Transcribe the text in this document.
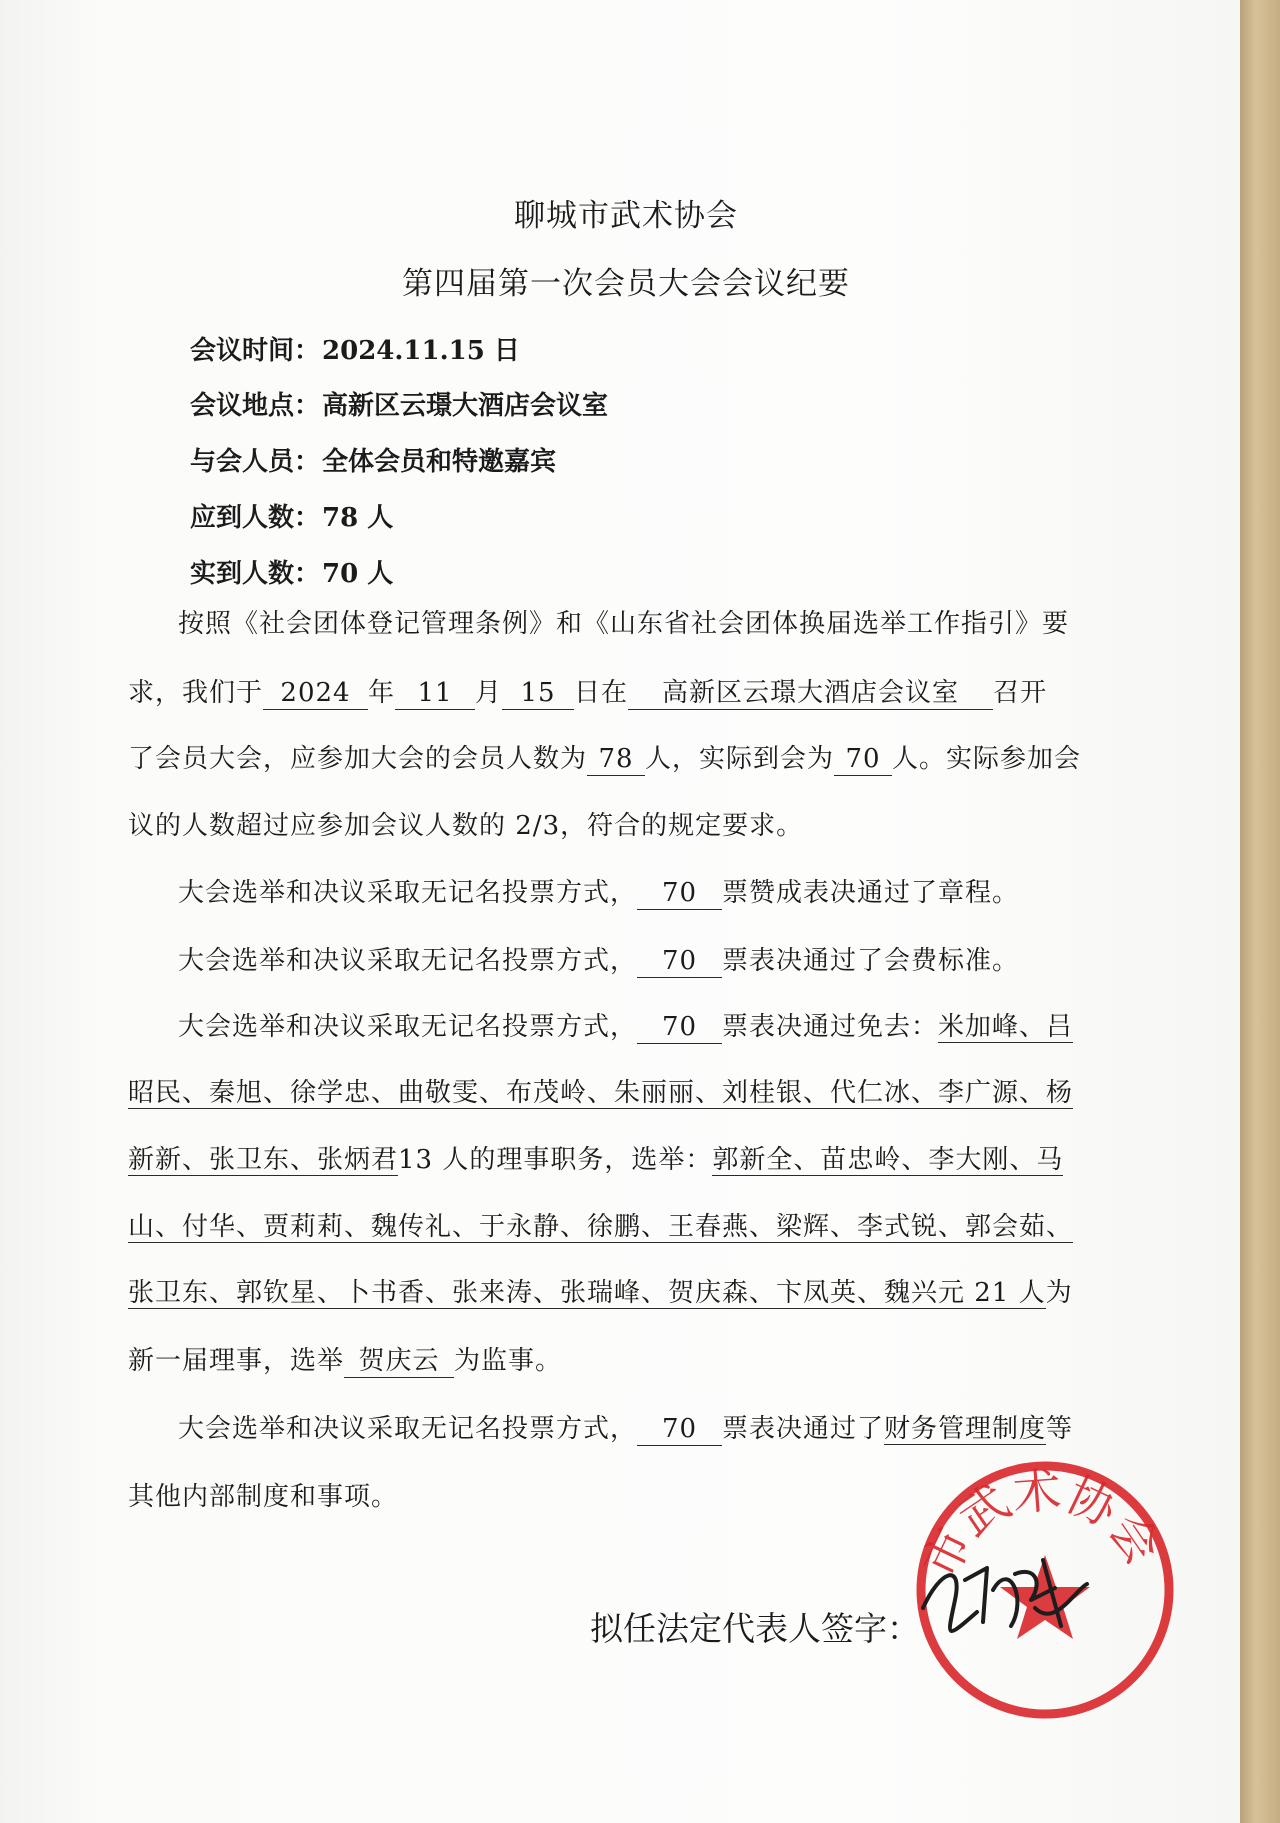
聊城市武术协会
第四届第一次会员大会会议纪要
会议时间：2024.11.15 日
会议地点：高新区云璟大酒店会议室
与会人员：全体会员和特邀嘉宾
应到人数：78 人
实到人数：70 人
按照《社会团体登记管理条例》和《山东省社会团体换届选举工作指引》要
求，我们于 2024 年 11 月 15 日在 高新区云璟大酒店会议室 召开
了会员大会，应参加大会的会员人数为 78 人，实际到会为 70 人。实际参加会
议的人数超过应参加会议人数的 2/3，符合的规定要求。
大会选举和决议采取无记名投票方式， 70 票赞成表决通过了章程。
大会选举和决议采取无记名投票方式， 70 票表决通过了会费标准。
大会选举和决议采取无记名投票方式， 70 票表决通过免去：米加峰、吕
昭民、秦旭、徐学忠、曲敬雯、布茂岭、朱丽丽、刘桂银、代仁冰、李广源、杨
新新、张卫东、张炳君13 人的理事职务，选举：郭新全、苗忠岭、李大刚、马
山、付华、贾莉莉、魏传礼、于永静、徐鹏、王春燕、梁辉、李式锐、郭会茹、
张卫东、郭钦星、卜书香、张来涛、张瑞峰、贺庆森、卞凤英、魏兴元 21 人为
新一届理事，选举 贺庆云 为监事。
大会选举和决议采取无记名投票方式， 70 票表决通过了财务管理制度等
其他内部制度和事项。
拟任法定代表人签字：
市武术协会
